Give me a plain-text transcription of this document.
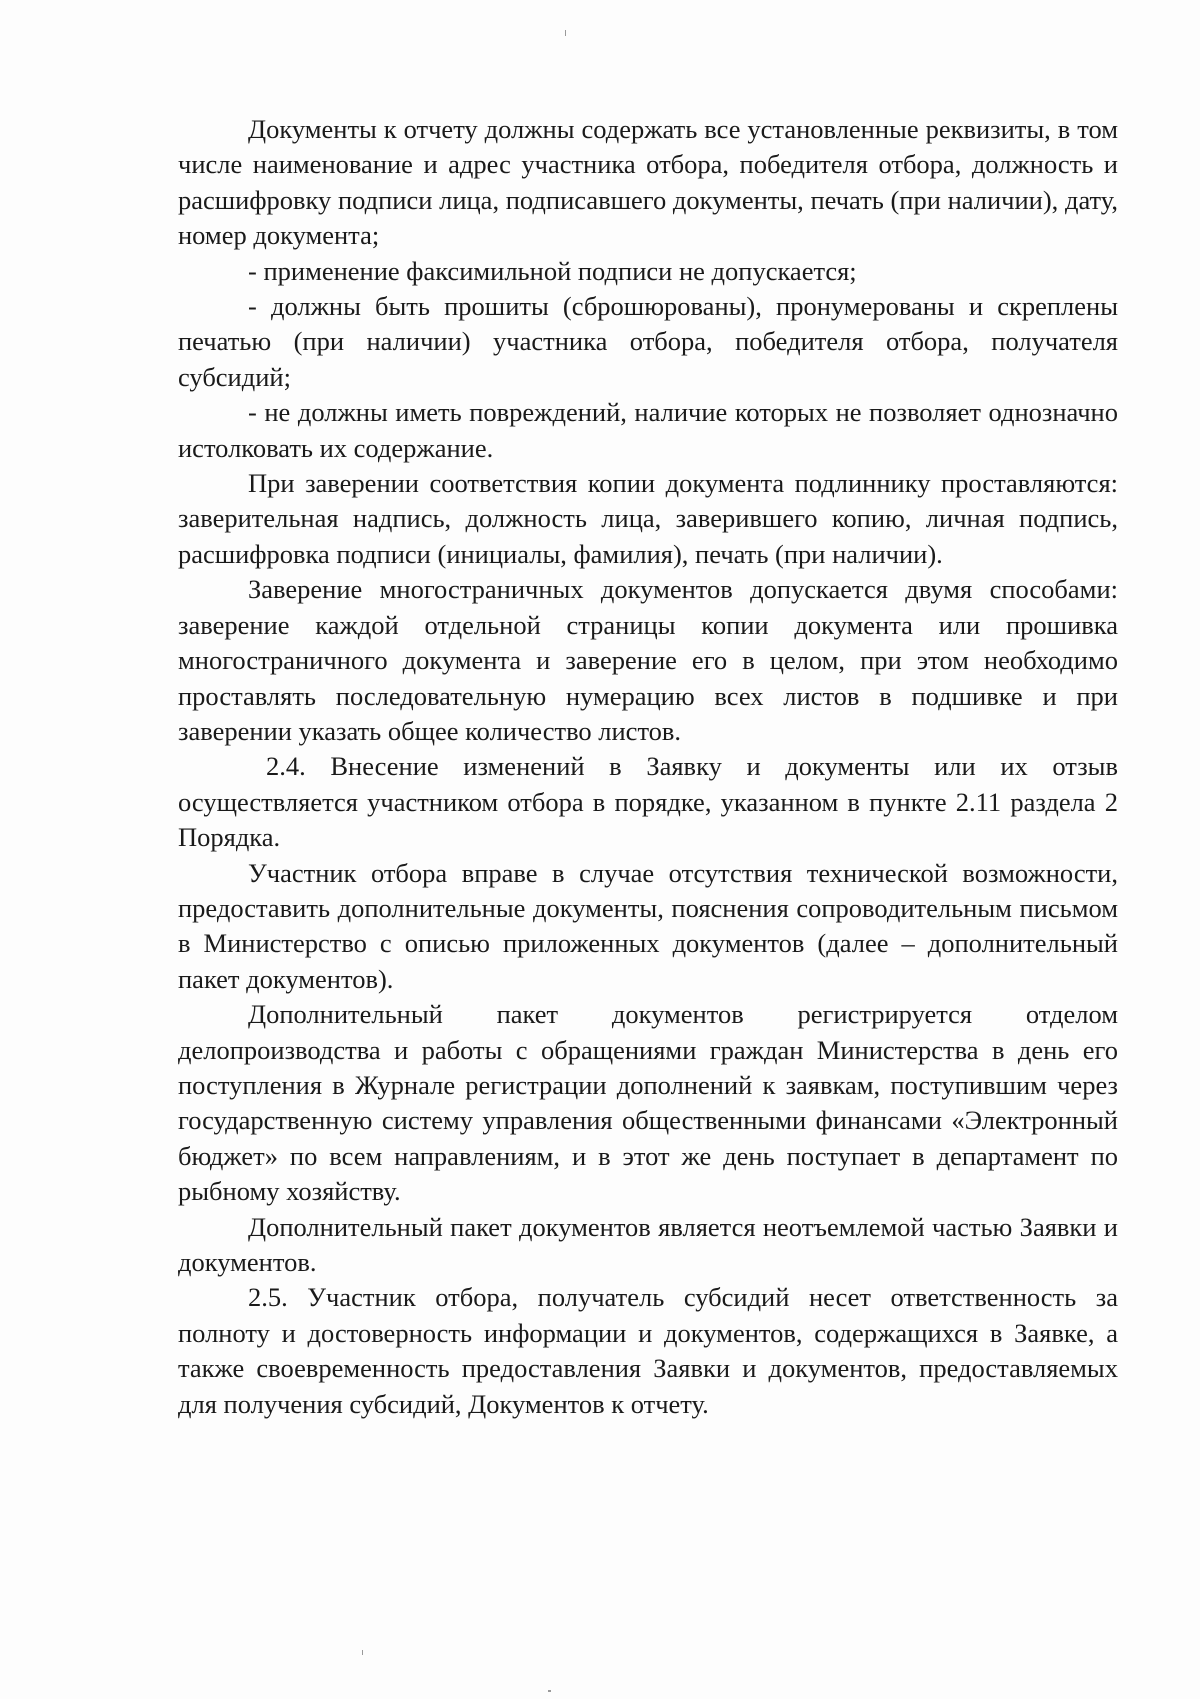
Документы к отчету должны содержать все установленные реквизиты, в том числе наименование и адрес участника отбора, победителя отбора, должность и расшифровку подписи лица, подписавшего документы, печать (при наличии), дату, номер документа;

- применение факсимильной подписи не допускается;

- должны быть прошиты (сброшюрованы), пронумерованы и скреплены печатью (при наличии) участника отбора, победителя отбора, получателя субсидий;

- не должны иметь повреждений, наличие которых не позволяет однозначно истолковать их содержание.

При заверении соответствия копии документа подлиннику проставляются: заверительная надпись, должность лица, заверившего копию, личная подпись, расшифровка подписи (инициалы, фамилия), печать (при наличии).

Заверение многостраничных документов допускается двумя способами: заверение каждой отдельной страницы копии документа или прошивка многостраничного документа и заверение его в целом, при этом необходимо проставлять последовательную нумерацию всех листов в подшивке и при заверении указать общее количество листов.

2.4. Внесение изменений в Заявку и документы или их отзыв осуществляется участником отбора в порядке, указанном в пункте 2.11 раздела 2 Порядка.

Участник отбора вправе в случае отсутствия технической возможности, предоставить дополнительные документы, пояснения сопроводительным письмом в Министерство с описью приложенных документов (далее – дополнительный пакет документов).

Дополнительный пакет документов регистрируется отделом делопроизводства и работы с обращениями граждан Министерства в день его поступления в Журнале регистрации дополнений к заявкам, поступившим через государственную систему управления общественными финансами «Электронный бюджет» по всем направлениям, и в этот же день поступает в департамент по рыбному хозяйству.

Дополнительный пакет документов является неотъемлемой частью Заявки и документов.

2.5. Участник отбора, получатель субсидий несет ответственность за полноту и достоверность информации и документов, содержащихся в Заявке, а также своевременность предоставления Заявки и документов, предоставляемых для получения субсидий, Документов к отчету.
